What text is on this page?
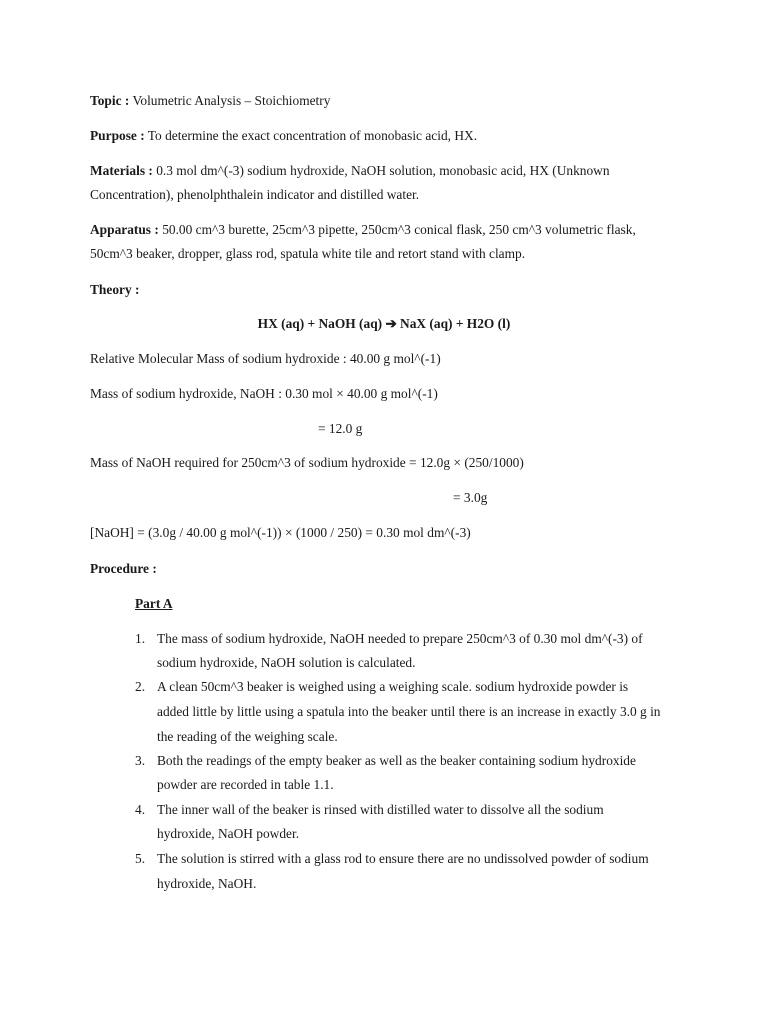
Topic : Volumetric Analysis – Stoichiometry
Purpose : To determine the exact concentration of monobasic acid, HX.
Materials : 0.3 mol dm^(-3) sodium hydroxide, NaOH solution, monobasic acid, HX (Unknown
Concentration), phenolphthalein indicator and distilled water.
Apparatus : 50.00 cm^3 burette, 25cm^3 pipette, 250cm^3 conical flask, 250 cm^3 volumetric flask,
50cm^3 beaker, dropper, glass rod, spatula white tile and retort stand with clamp.
Theory :
HX (aq) + NaOH (aq) ➔ NaX (aq) + H2O (l)
Relative Molecular Mass of sodium hydroxide : 40.00 g mol^(-1)
Mass of sodium hydroxide, NaOH : 0.30 mol × 40.00 g mol^(-1)
= 12.0 g
Mass of NaOH required for 250cm^3 of sodium hydroxide = 12.0g × (250/1000)
= 3.0g
[NaOH] = (3.0g / 40.00 g mol^(-1)) × (1000 / 250) = 0.30 mol dm^(-3)
Procedure :
Part A
1. The mass of sodium hydroxide, NaOH needed to prepare 250cm^3 of 0.30 mol dm^(-3) of
sodium hydroxide, NaOH solution is calculated.
2. A clean 50cm^3 beaker is weighed using a weighing scale. sodium hydroxide powder is
added little by little using a spatula into the beaker until there is an increase in exactly 3.0 g in
the reading of the weighing scale.
3. Both the readings of the empty beaker as well as the beaker containing sodium hydroxide
powder are recorded in table 1.1.
4. The inner wall of the beaker is rinsed with distilled water to dissolve all the sodium
hydroxide, NaOH powder.
5. The solution is stirred with a glass rod to ensure there are no undissolved powder of sodium
hydroxide, NaOH.
